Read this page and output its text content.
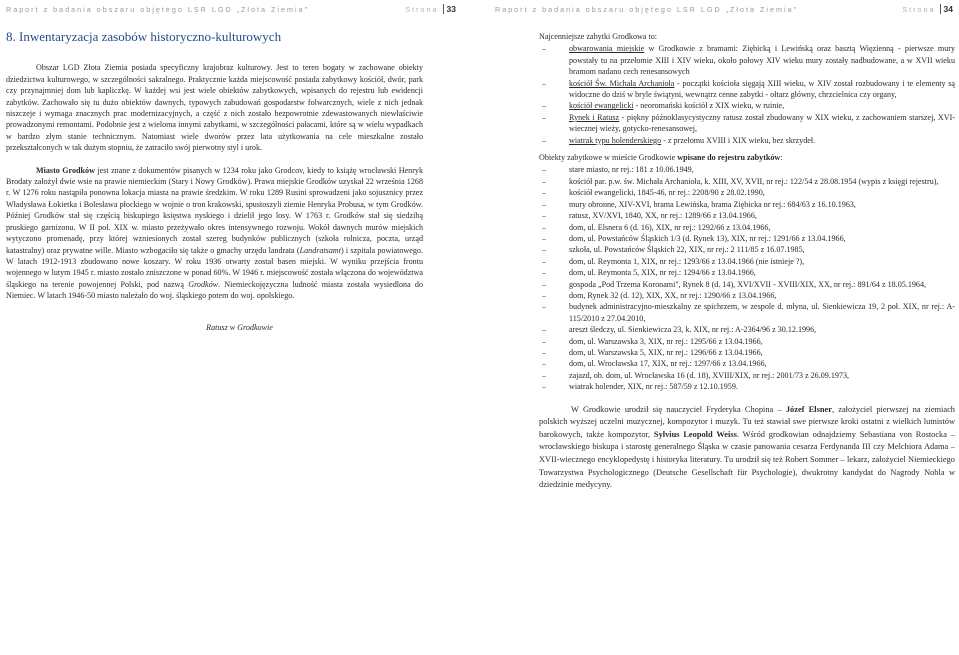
Raport z badania obszaru objętego LSR LGD „Złota Ziemia"	Strona 33
8. Inwentaryzacja zasobów historyczno-kulturowych

Obszar LGD Złota Ziemia posiada specyficzny krajobraz kulturowy. Jest to teren bogaty w zachowane obiekty dziedzictwa kulturowego, w szczególności sakralnego. Praktycznie każda miejscowość posiada zabytkowy kościół, dwór, park czy przynajmniej dom lub kapliczkę. W każdej wsi jest wiele obiektów zabytkowych, wpisanych do rejestru lub ewidencji zabytków. Zachowało się tu dużo obiektów dawnych, typowych zabudowań gospodarstw folwarcznych, wiele z nich jednak niszczeje i wymaga znacznych prac modernizacyjnych, a część z nich zostało bezpowrotnie zdewastowanych niewłaściwie prowadzonymi remontami. Podobnie jest z wieloma innymi zabytkami, w szczególności pałacami, które są w wielu wypadkach w bardzo złym stanie technicznym. Natomiast wiele dworów przez lata użytkowania na cele mieszkalne zostało przekształconych w tak dużym stopniu, że zatraciło swój pierwotny styl i urok.

Miasto Grodków jest znane z dokumentów pisanych w 1234 roku jako Grodcov, kiedy to książę wrocławski Henryk Brodaty założył dwie wsie na prawie niemieckim (Stary i Nowy Grodków). Prawa miejskie Grodków uzyskał 22 września 1268 r. W 1276 roku nastąpiła ponowna lokacja miasta na prawie średzkim. W roku 1289 Rusini sprowadzeni jako sojusznicy przez Władysława Łokietka i Bolesława płockiego w wojnie o tron krakowski, spustoszyli ziemie Henryka Probusa, w tym Grodków. Później Grodków stał się częścią biskupiego księstwa nyskiego i dzielił jego losy. W 1763 r. Grodków stał się siedzibą pruskiego garnizonu. W II poł. XIX w. miasto przeżywało okres intensywnego rozwoju. Wokół dawnych murów miejskich wytyczono promenadę, przy której wzniesionych został szereg budynków publicznych (szkoła rolnicza, poczta, urząd katastralny) oraz prywatne wille. Miasto wzbogaciło się także o gmachy urzędu landrata (Landratsamt) i szpitala powiatowego. W latach 1912-1913 zbudowano nowe koszary. W roku 1936 otwarty został basen miejski. W wyniku przejścia frontu wojennego w lutym 1945 r. miasto zostało zniszczone w ponad 60%. W 1946 r. miejscowość została włączona do województwa śląskiego na terenie powojennej Polski, pod nazwą Grodków. Niemieckojęzyczna ludność miasta została wysiedlona do Niemiec. W latach 1946-50 miasto należało do woj. śląskiego potem do woj. opolskiego.

Ratusz w Grodkowie

Raport z badania obszaru objętego LSR LGD „Złota Ziemia"	Strona 34

Najcenniejsze zabytki Grodkowa to:

– obwarowania miejskie w Grodkowie z bramami: Ziębicką i Lewińską oraz basztą Więzienną - pierwsze mury powstały tu na przełomie XIII i XIV wieku, około połowy XIV wieku mury zostały nadbudowane, a w XVII wieku bramom nadano cech renesansowych
– kościół Św. Michała Archanioła - początki kościoła sięgają XIII wieku, w XIV został rozbudowany i te elementy są widoczne do dziś w bryle świątyni, wewnątrz cenne zabytki - ołtarz główny, chrzcielnica czy organy,
– kościół ewangelicki - neoromański kościół z XIX wieku, w ruinie,
– Rynek i Ratusz - piękny późnoklasycystyczny ratusz został zbudowany w XIX wieku, z zachowaniem starszej, XVI-wiecznej wieży, gotycko-renesansowej,
– wiatrak typu holenderskiego - z przełomu XVIII i XIX wieku, bez skrzydeł.

Obiekty zabytkowe w mieście Grodkowie wpisane do rejestru zabytków:

– stare miasto, nr rej.: 181 z 10.06.1949,
– kościół par. p.w. św. Michała Archanioła, k. XIII, XV, XVII, nr rej.: 122/54 z 28.08.1954 (wypis z księgi rejestru),
– kościół ewangelicki, 1845-46, nr rej.: 2208/90 z 28.02.1990,
– mury obronne, XIV-XVI, brama Lewińska, brama Ziębicka nr rej.: 684/63 z 16.10.1963,
– ratusz, XV/XVI, 1840, XX, nr rej.: 1289/66 z 13.04.1966,
– dom, ul. Elsnera 6 (d. 16), XIX, nr rej.: 1292/66 z 13.04.1966,
– dom, ul. Powstańców Śląskich 1/3 (d. Rynek 13), XIX, nr rej.: 1291/66 z 13.04.1966,
– szkoła, ul. Powstańców Śląskich 22, XIX, nr rej.: 2 111/85 z 16.07.1985,
– dom, ul. Reymonta 1, XIX, nr rej.: 1293/66 z 13.04.1966 (nie istnieje ?),
– dom, ul. Reymonta 5, XIX, nr rej.: 1294/66 z 13.04.1966,
– gospoda „Pod Trzema Koronami", Rynek 8 (d. 14), XVI/XVII - XVIII/XIX, XX, nr rej.: 891/64 z 18.05.1964,
– dom, Rynek 32 (d. 12), XIX, XX, nr rej.: 1290/66 z 13.04.1966,
– budynek administracyjno-mieszkalny ze spichrzem, w zespole d. młyna, ul. Sienkiewicza 19, 2 poł. XIX, nr rej.: A-115/2010 z 27.04.2010,
– areszt śledczy, ul. Sienkiewicza 23, k. XIX, nr rej.: A-2364/96 z 30.12.1996,
– dom, ul. Warszawska 3, XIX, nr rej.: 1295/66 z 13.04.1966,
– dom, ul. Warszawska 5, XIX, nr rej.: 1296/66 z 13.04.1966,
– dom, ul. Wrocławska 17, XIX, nr rej.: 1297/66 z 13.04.1966,
– zajazd, ob. dom, ul. Wrocławska 16 (d. 18), XVIII/XIX, nr rej.: 2001/73 z 26.09.1973,
– wiatrak holender, XIX, nr rej.: 587/59 z 12.10.1959.

W Grodkowie urodził się nauczyciel Fryderyka Chopina – Józef Elsner, założyciel pierwszej na ziemiach polskich wyższej uczelni muzycznej, kompozytor i muzyk. Tu też stawiał swe pierwsze kroki ostatni z wielkich lutnistów barokowych, także kompozytor, Sylvius Leopold Weiss. Wśród grodkowian odnajdziemy Sebastiana von Rostocka – wrocławskiego biskupa i starostę generalnego Śląska w czasie panowania cesarza Ferdynanda III czy Melchiora Adama – XVII-wiecznego encyklopedystę i historyka literatury. Tu urodził się też Robert Sommer – lekarz, założyciel Niemieckiego Towarzystwa Psychologicznego (Deutsche Gesellschaft für Psychologie), dwukrotny kandydat do Nagrody Nobla w dziedzinie medycyny.
